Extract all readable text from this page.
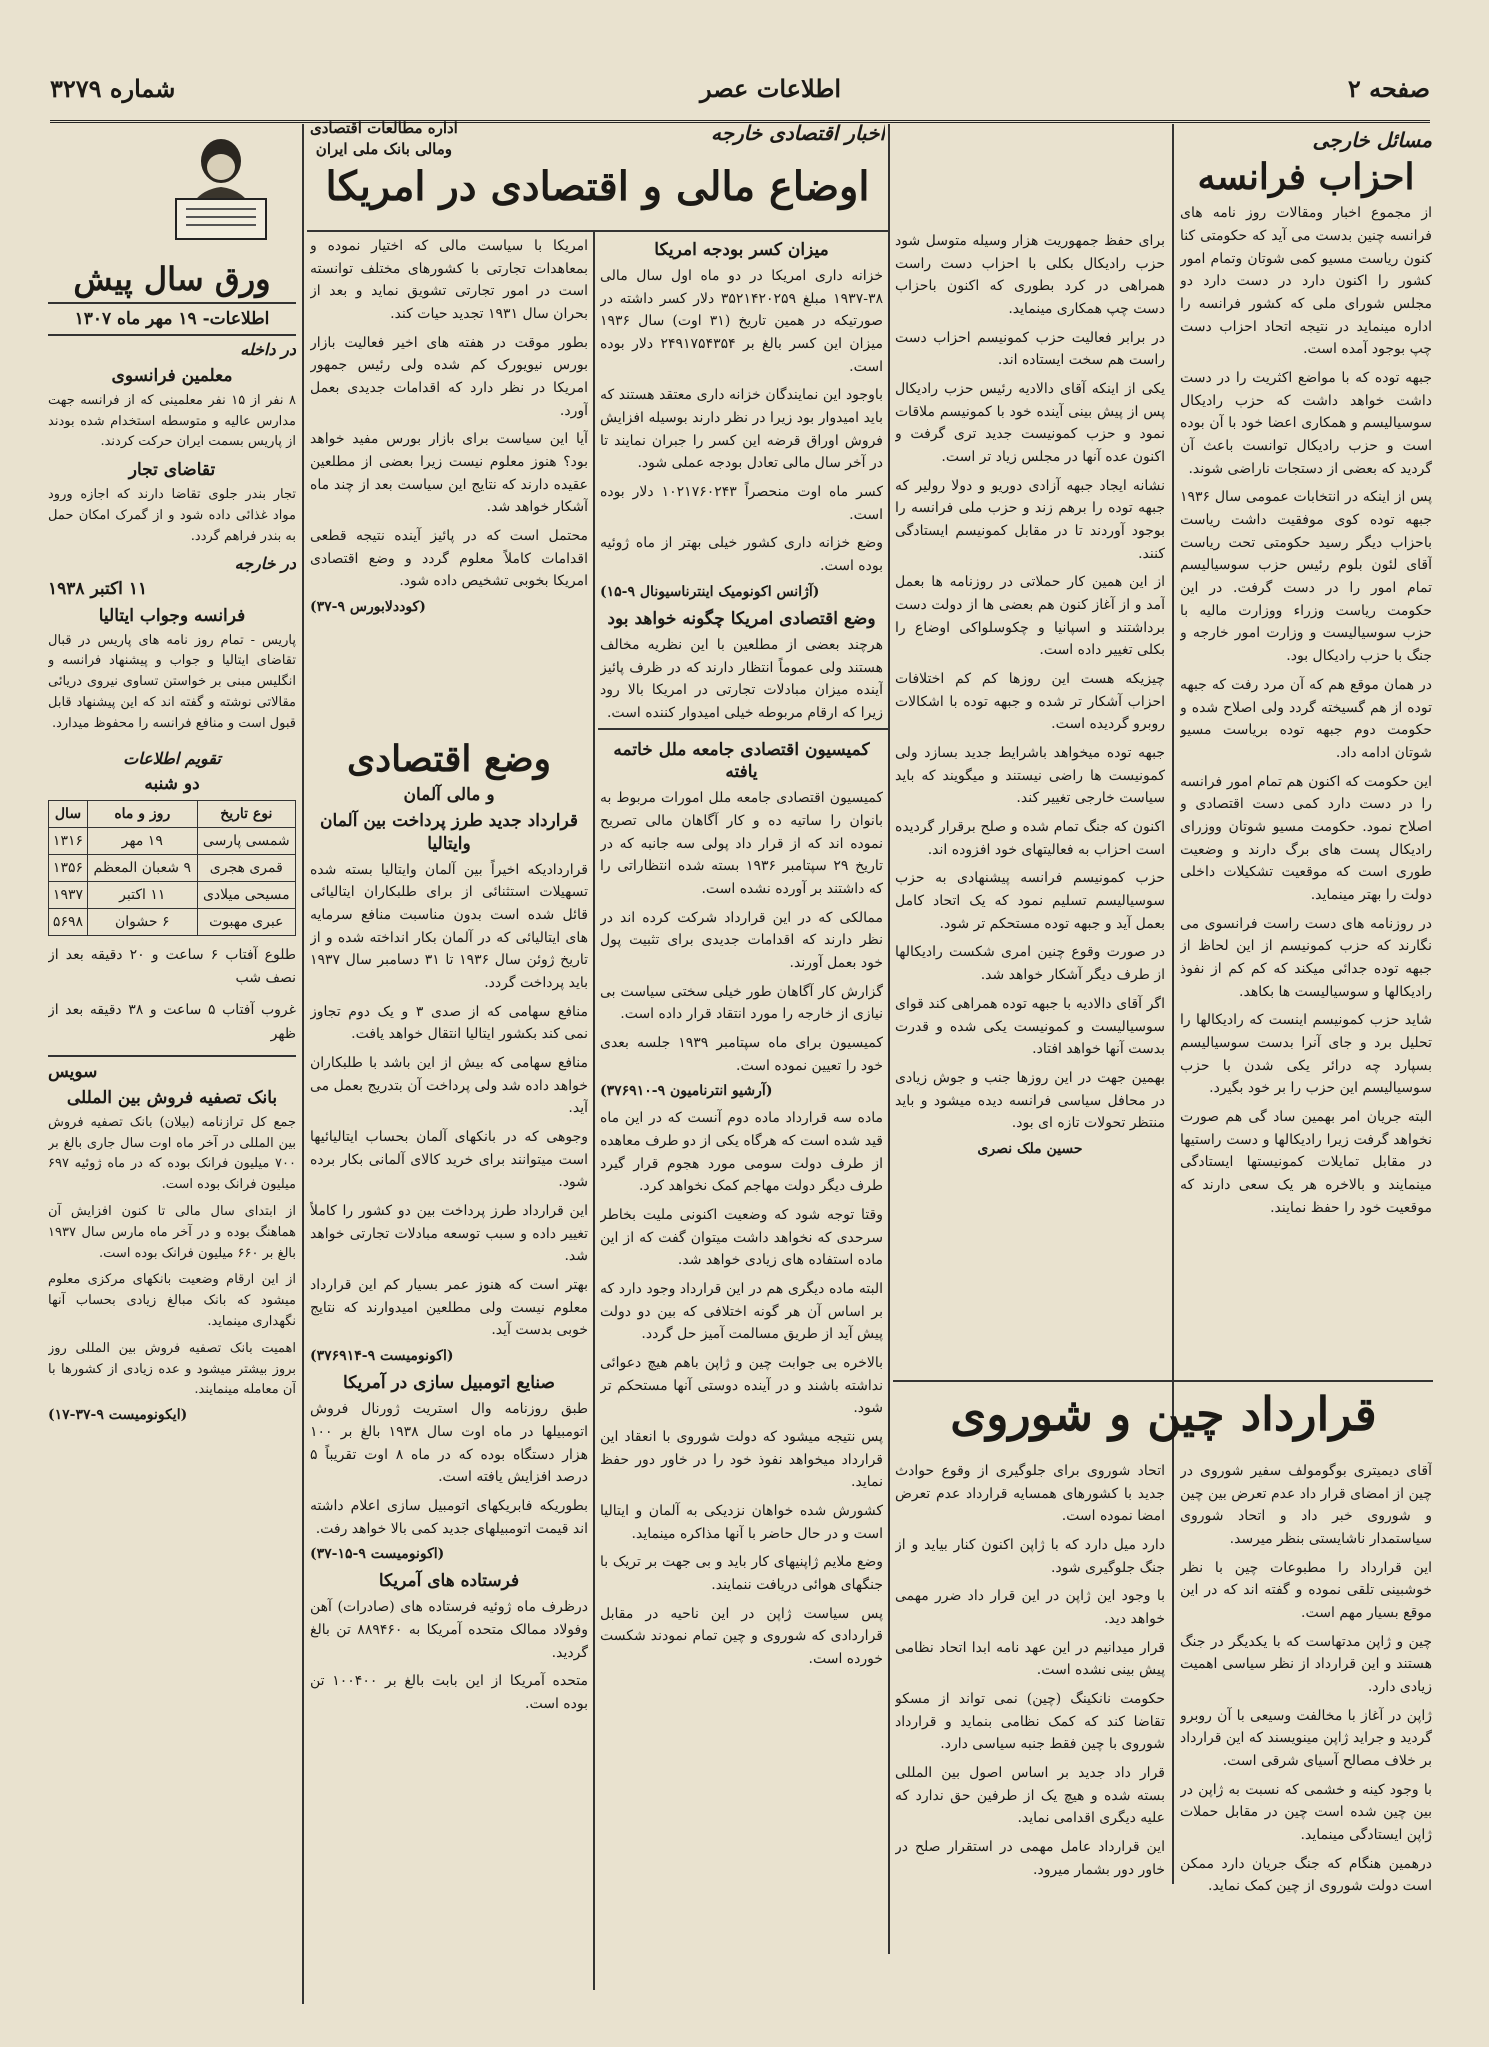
صفحه ۲
اطلاعات عصر
شماره ۳۲۷۹
مسائل خارجی
احزاب فرانسه

از مجموع اخبار ومقالات روز نامه های فرانسه چنین بدست می آید که حکومتی کنا کنون ریاست مسیو کمی شوتان وتمام امور کشور را اکنون دارد در دست دارد دو مجلس شورای ملی که کشور فرانسه را اداره مینماید در نتیجه اتحاد احزاب دست چپ بوجود آمده است.

جبهه توده که با مواضع اکثریت را در دست داشت خواهد داشت که حزب رادیکال سوسیالیسم و همکاری اعضا خود با آن بوده است و حزب رادیکال توانست باعث آن گردید که بعضی از دستجات ناراضی شوند.

پس از اینکه در انتخابات عمومی سال ۱۹۳۶ جبهه توده کوی موفقیت داشت ریاست باحزاب دیگر رسید حکومتی تحت ریاست آقای لئون بلوم رئیس حزب سوسیالیسم تمام امور را در دست گرفت. در این حکومت ریاست وزراء ووزارت مالیه با حزب سوسیالیست و وزارت امور خارجه و جنگ با حزب رادیکال بود.

در همان موقع هم که آن مرد رفت که جبهه توده از هم گسیخته گردد ولی اصلاح شده و حکومت دوم جبهه توده بریاست مسیو شوتان ادامه داد.

این حکومت که اکنون هم تمام امور فرانسه را در دست دارد کمی دست اقتصادی و اصلاح نمود. حکومت مسیو شوتان ووزرای رادیکال پست های برگ دارند و وضعیت طوری است که موقعیت تشکیلات داخلی دولت را بهتر مینماید.

در روزنامه های دست راست فرانسوی می نگارند که حزب کمونیسم از این لحاظ از جبهه توده جدائی میکند که کم کم از نفوذ رادیکالها و سوسیالیست ها بکاهد.

شاید حزب کمونیسم اینست که رادیکالها را تحلیل برد و جای آنرا بدست سوسیالیسم بسپارد چه درائر یکی شدن با حزب سوسیالیسم این حزب را بر خود بگیرد.

البته جریان امر بهمین ساد گی هم صورت نخواهد گرفت زیرا رادیکالها و دست راستیها در مقابل تمایلات کمونیستها ایستادگی مینمایند و بالاخره هر یک سعی دارند که موقعیت خود را حفظ نمایند.

برای حفظ جمهوریت هزار وسیله متوسل شود حزب رادیکال بکلی با احزاب دست راست همراهی در کرد بطوری که اکنون باحزاب دست چپ همکاری مینماید.

در برابر فعالیت حزب کمونیسم احزاب دست راست هم سخت ایستاده اند.

یکی از اینکه آقای دالادیه رئیس حزب رادیکال پس از پیش بینی آینده خود با کمونیسم ملاقات نمود و حزب کمونیست جدید تری گرفت و اکنون عده آنها در مجلس زیاد تر است.

نشانه ایجاد جبهه آزادی دوریو و دولا رولیر که جبهه توده را برهم زند و حزب ملی فرانسه را بوجود آوردند تا در مقابل کمونیسم ایستادگی کنند.

از این همین کار حملاتی در روزنامه ها بعمل آمد و از آغاز کنون هم بعضی ها از دولت دست برداشتند و اسپانیا و چکوسلواکی اوضاع را بکلی تغییر داده است.

چیزیکه هست این روزها کم کم اختلافات احزاب آشکار تر شده و جبهه توده با اشکالات روبرو گردیده است.

جبهه توده میخواهد باشرایط جدید بسازد ولی کمونیست ها راضی نیستند و میگویند که باید سیاست خارجی تغییر کند.

اکنون که جنگ تمام شده و صلح برقرار گردیده است احزاب به فعالیتهای خود افزوده اند.

حزب کمونیسم فرانسه پیشنهادی به حزب سوسیالیسم تسلیم نمود که یک اتحاد کامل بعمل آید و جبهه توده مستحکم تر شود.

در صورت وقوع چنین امری شکست رادیکالها از طرف دیگر آشکار خواهد شد.

اگر آقای دالادیه با جبهه توده همراهی کند قوای سوسیالیست و کمونیست یکی شده و قدرت بدست آنها خواهد افتاد.

بهمین جهت در این روزها جنب و جوش زیادی در محافل سیاسی فرانسه دیده میشود و باید منتظر تحولات تازه ای بود.

حسین ملک نصری
اخبار اقتصادی خارجه
اداره مطالعات اقتصادی
ومالی بانک ملی ایران
اوضاع مالی و اقتصادی در امریکا
میزان کسر بودجه امریکا

خزانه داری امریکا در دو ماه اول سال مالی ۳۸-۱۹۳۷ مبلغ ۳۵۲۱۴۲۰۲۵۹ دلار کسر داشته در صورتیکه در همین تاریخ (۳۱ اوت) سال ۱۹۳۶ میزان این کسر بالغ بر ۲۴۹۱۷۵۴۳۵۴ دلار بوده است.

باوجود این نمایندگان خزانه داری معتقد هستند که باید امیدوار بود زیرا در نظر دارند بوسیله افزایش فروش اوراق قرضه این کسر را جبران نمایند تا در آخر سال مالی تعادل بودجه عملی شود.

کسر ماه اوت منحصراً ۱۰۲۱۷۶۰۲۴۳ دلار بوده است.

وضع خزانه داری کشور خیلی بهتر از ماه ژوئیه بوده است.

(آژانس اکونومیک اینترناسیونال ۹-۱۵)
وضع اقتصادی امریکا چگونه خواهد بود

هرچند بعضی از مطلعین با این نظریه مخالف هستند ولی عموماً انتظار دارند که در ظرف پائیز آینده میزان مبادلات تجارتی در امریکا بالا رود زیرا که ارقام مربوطه خیلی امیدوار کننده است.

امریکا با سیاست مالی که اختیار نموده و بمعاهدات تجارتی با کشورهای مختلف توانسته است در امور تجارتی تشویق نماید و بعد از بحران سال ۱۹۳۱ تجدید حیات کند.

بطور موقت در هفته های اخیر فعالیت بازار بورس نیویورک کم شده ولی رئیس جمهور امریکا در نظر دارد که اقدامات جدیدی بعمل آورد.

آیا این سیاست برای بازار بورس مفید خواهد بود؟ هنوز معلوم نیست زیرا بعضی از مطلعین عقیده دارند که نتایج این سیاست بعد از چند ماه آشکار خواهد شد.

محتمل است که در پائیز آینده نتیجه قطعی اقدامات کاملاً معلوم گردد و وضع اقتصادی امریکا بخوبی تشخیص داده شود.

(کوددلابورس ۹-۳۷)
کمیسیون اقتصادی جامعه ملل خاتمه یافته

کمیسیون اقتصادی جامعه ملل امورات مربوط به بانوان را ساتیه ده و کار آگاهان مالی تصریح نموده اند که از قرار داد پولی سه جانبه که در تاریخ ۲۹ سپتامبر ۱۹۳۶ بسته شده انتظاراتی را که داشتند بر آورده نشده است.

ممالکی که در این قرارداد شرکت کرده اند در نظر دارند که اقدامات جدیدی برای تثبیت پول خود بعمل آورند.

گزارش کار آگاهان طور خیلی سختی سیاست بی نیازی از خارجه را مورد انتقاد قرار داده است.

کمیسیون برای ماه سپتامبر ۱۹۳۹ جلسه بعدی خود را تعیین نموده است.

(آرشیو انترنامیون ۹-۳۷۶۹۱۰)

ماده سه قرارداد ماده دوم آنست که در این ماه قید شده است که هرگاه یکی از دو طرف معاهده از طرف دولت سومی مورد هجوم قرار گیرد طرف دیگر دولت مهاجم کمک نخواهد کرد.

وقتا توجه شود که وضعیت اکنونی ملیت بخاطر سرحدی که نخواهد داشت میتوان گفت که از این ماده استفاده های زیادی خواهد شد.

البته ماده دیگری هم در این قرارداد وجود دارد که بر اساس آن هر گونه اختلافی که بین دو دولت پیش آید از طریق مسالمت آمیز حل گردد.

بالاخره بی جوابت چین و ژاپن باهم هیچ دعوائی نداشته باشند و در آینده دوستی آنها مستحکم تر شود.

پس نتیجه میشود که دولت شوروی با انعقاد این قرارداد میخواهد نفوذ خود را در خاور دور حفظ نماید.

کشورش شده خواهان نزدیکی به آلمان و ایتالیا است و در حال حاضر با آنها مذاکره مینماید.

وضع ملایم ژاپنیهای کار باید و بی جهت بر تریک با جنگهای هوائی دریافت ننمایند.

پس سیاست ژاپن در این ناحیه در مقابل قراردادی که شوروی و چین تمام نمودند شکست خورده است.

وضع اقتصادی
و مالی آلمان
قرارداد جدید طرز پرداخت بین آلمان وایتالیا

قراردادیکه اخیراً بین آلمان وایتالیا بسته شده تسهیلات استثنائی از برای طلبکاران ایتالیائی قائل شده است بدون مناسبت منافع سرمایه های ایتالیائی که در آلمان بکار انداخته شده و از تاریخ ژوئن سال ۱۹۳۶ تا ۳۱ دسامبر سال ۱۹۳۷ باید پرداخت گردد.

منافع سهامی که از صدی ۳ و یک دوم تجاوز نمی کند بکشور ایتالیا انتقال خواهد یافت.

منافع سهامی که بیش از این باشد با طلبکاران خواهد داده شد ولی پرداخت آن بتدریج بعمل می آید.

وجوهی که در بانکهای آلمان بحساب ایتالیائیها است میتوانند برای خرید کالای آلمانی بکار برده شود.

این قرارداد طرز پرداخت بین دو کشور را کاملاً تغییر داده و سبب توسعه مبادلات تجارتی خواهد شد.

بهتر است که هنوز عمر بسیار کم این قرارداد معلوم نیست ولی مطلعین امیدوارند که نتایج خوبی بدست آید.

(اکونومیست ۹-۳۷۶۹۱۴)
صنایع اتومبیل سازی در آمریکا

طبق روزنامه وال استریت ژورنال فروش اتومبیلها در ماه اوت سال ۱۹۳۸ بالغ بر ۱۰۰ هزار دستگاه بوده که در ماه ۸ اوت تقریباً ۵ درصد افزایش یافته است.

بطوریکه فابریکهای اتومبیل سازی اعلام داشته اند قیمت اتومبیلهای جدید کمی بالا خواهد رفت.

(اکونومیست ۹-۱۵-۳۷)
فرستاده های آمریکا

درظرف ماه ژوئیه فرستاده های (صادرات) آهن وفولاد ممالک متحده آمریکا به ۸۸۹۴۶۰ تن بالغ گردید.

متحده آمریکا از این بابت بالغ بر ۱۰۰۴۰۰ تن بوده است.

قرارداد چین و شوروی

آقای دیمیتری بوگومولف سفیر شوروی در چین از امضای قرار داد عدم تعرض بین چین و شوروی خبر داد و اتحاد شوروی سیاستمدار ناشایستی بنظر میرسد.

این قرارداد را مطبوعات چین با نظر خوشبینی تلقی نموده و گفته اند که در این موقع بسیار مهم است.

چین و ژاپن مدتهاست که با یکدیگر در جنگ هستند و این قرارداد از نظر سیاسی اهمیت زیادی دارد.

ژاپن در آغاز با مخالفت وسیعی با آن روبرو گردید و جراید ژاپن مینویسند که این قرارداد بر خلاف مصالح آسیای شرقی است.

با وجود کینه و خشمی که نسبت به ژاپن در بین چین شده است چین در مقابل حملات ژاپن ایستادگی مینماید.

درهمین هنگام که جنگ جریان دارد ممکن است دولت شوروی از چین کمک نماید.

اتحاد شوروی برای جلوگیری از وقوع حوادث جدید با کشورهای همسایه قرارداد عدم تعرض امضا نموده است.

دارد میل دارد که با ژاپن اکنون کنار بیاید و از جنگ جلوگیری شود.

با وجود این ژاپن در این قرار داد ضرر مهمی خواهد دید.

قرار میدانیم در این عهد نامه ابدا اتحاد نظامی پیش بینی نشده است.

حکومت نانکینگ (چین) نمی تواند از مسکو تقاضا کند که کمک نظامی بنماید و قرارداد شوروی با چین فقط جنبه سیاسی دارد.

قرار داد جدید بر اساس اصول بین المللی بسته شده و هیچ یک از طرفین حق ندارد که علیه دیگری اقدامی نماید.

این قرارداد عامل مهمی در استقرار صلح در خاور دور بشمار میرود.

ورق سال پیش
اطلاعات- ۱۹ مهر ماه ۱۳۰۷
در داخله
معلمین فرانسوی

۸ نفر از ۱۵ نفر معلمینی که از فرانسه جهت مدارس عالیه و متوسطه استخدام شده بودند از پاریس بسمت ایران حرکت کردند.

تقاضای تجار

تجار بندر جلوی تقاضا دارند که اجازه ورود مواد غذائی داده شود و از گمرک امکان حمل به بندر فراهم گردد.

در خارجه
۱۱ اکتبر ۱۹۳۸
فرانسه وجواب ایتالیا

پاریس - تمام روز نامه های پاریس در قبال تقاضای ایتالیا و جواب و پیشنهاد فرانسه و انگلیس مبنی بر خواستن تساوی نیروی دریائی مقالاتی نوشته و گفته اند که این پیشنهاد قابل قبول است و منافع فرانسه را محفوظ میدارد.

تقویم اطلاعات
دو شنبه
نوع تاریخ	روز و ماه	سال
شمسی پارسی	۱۹ مهر	۱۳۱۶
قمری هجری	۹ شعبان المعظم	۱۳۵۶
مسیحی میلادی	۱۱ اکتبر	۱۹۳۷
عبری مهبوت	۶ حشوان	۵۶۹۸
طلوع آفتاب ۶ ساعت و ۲۰ دقیقه بعد از نصف شب
غروب آفتاب ۵ ساعت و ۳۸ دقیقه بعد از ظهر
سویس
بانک تصفیه فروش بین المللی

جمع کل ترازنامه (بیلان) بانک تصفیه فروش بین المللی در آخر ماه اوت سال جاری بالغ بر ۷۰۰ میلیون فرانک بوده که در ماه ژوئیه ۶۹۷ میلیون فرانک بوده است.

از ابتدای سال مالی تا کنون افزایش آن هماهنگ بوده و در آخر ماه مارس سال ۱۹۳۷ بالغ بر ۶۶۰ میلیون فرانک بوده است.

از این ارقام وضعیت بانکهای مرکزی معلوم میشود که بانک مبالغ زیادی بحساب آنها نگهداری مینماید.

اهمیت بانک تصفیه فروش بین المللی روز بروز بیشتر میشود و عده زیادی از کشورها با آن معامله مینمایند.

(ایکونومیست ۹-۳۷-۱۷)
